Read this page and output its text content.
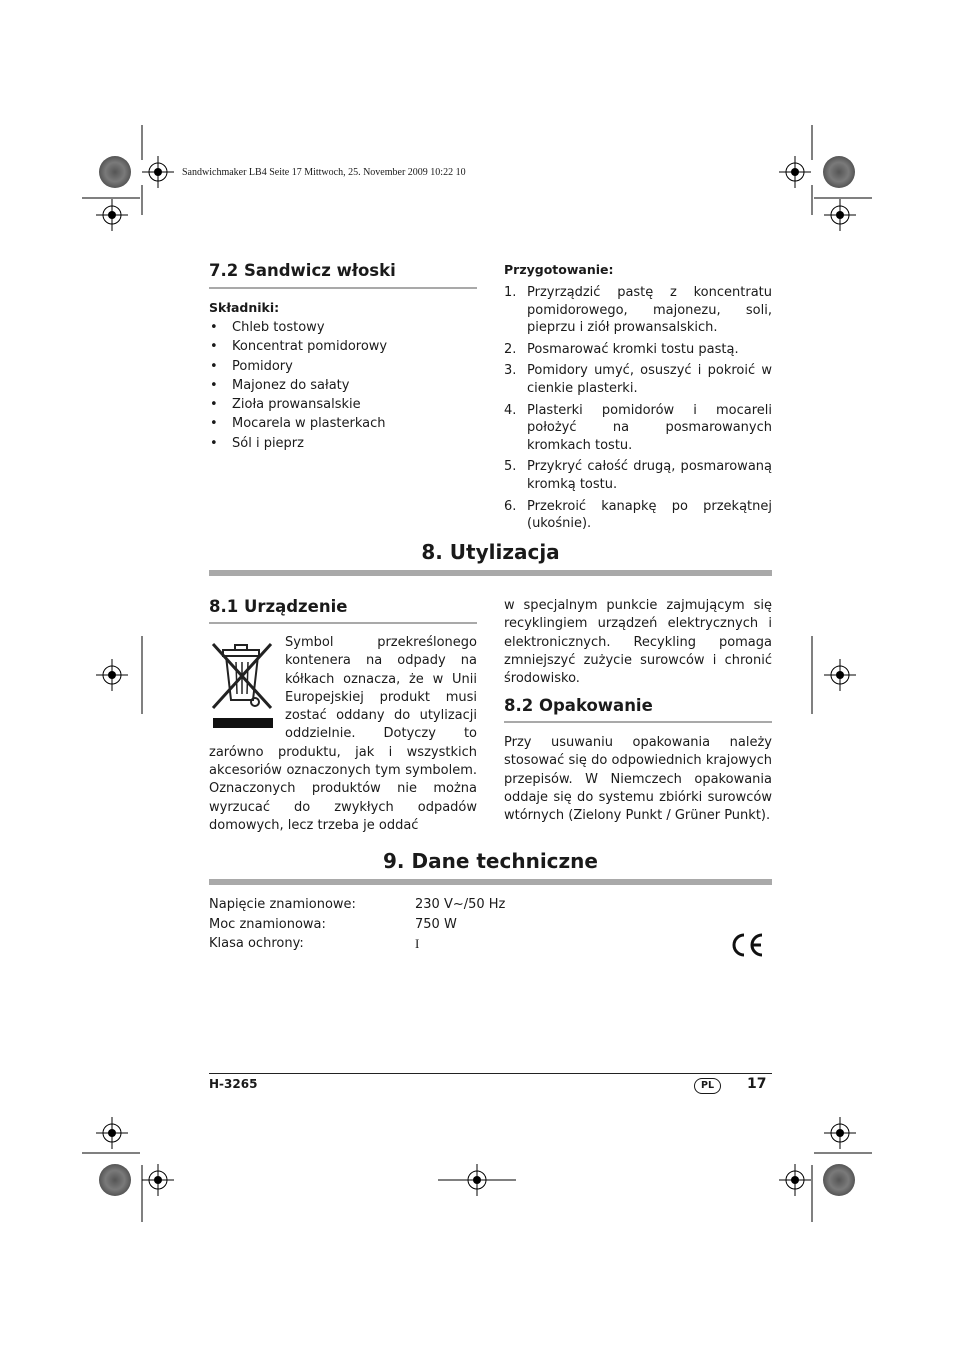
Sandwichmaker LB4 Seite 17 Mittwoch, 25. November 2009 10:22 10
7.2 Sandwicz włoski
Składniki:
• Chleb tostowy
• Koncentrat pomidorowy
• Pomidory
• Majonez do sałaty
• Zioła prowansalskie
• Mocarela w plasterkach
• Sól i pieprz
Przygotowanie:
1. Przyrządzić pastę z koncentratu pomidorowego, majonezu, soli, pieprzu i ziół prowansalskich.
2. Posmarować kromki tostu pastą.
3. Pomidory umyć, osuszyć i pokroić w cienkie plasterki.
4. Plasterki pomidorów i mocareli położyć na posmarowanych kromkach tostu.
5. Przykryć całość drugą, posmarowaną kromką tostu.
6. Przekroić kanapkę po przekątnej (ukośnie).
8. Utylizacja
8.1 Urządzenie
Symbol przekreślonego kontenera na odpady na kółkach oznacza, że w Unii Europejskiej produkt musi zostać oddany do utylizacji oddzielnie. Dotyczy to zarówno produktu, jak i wszystkich akcesoriów oznaczonych tym symbolem. Oznaczonych produktów nie można wyrzucać do zwykłych odpadów domowych, lecz trzeba je oddać
w specjalnym punkcie zajmującym się recyklingiem urządzeń elektrycznych i elektronicznych. Recykling pomaga zmniejszyć zużycie surowców i chronić środowisko.
8.2 Opakowanie
Przy usuwaniu opakowania należy stosować się do odpowiednich krajowych przepisów. W Niemczech opakowania oddaje się do systemu zbiórki surowców wtórnych (Zielony Punkt / Grüner Punkt).
9. Dane techniczne
Napięcie znamionowe:	230 V~/50 Hz
Moc znamionowa:	750 W
Klasa ochrony:	I
H-3265	PL	17
